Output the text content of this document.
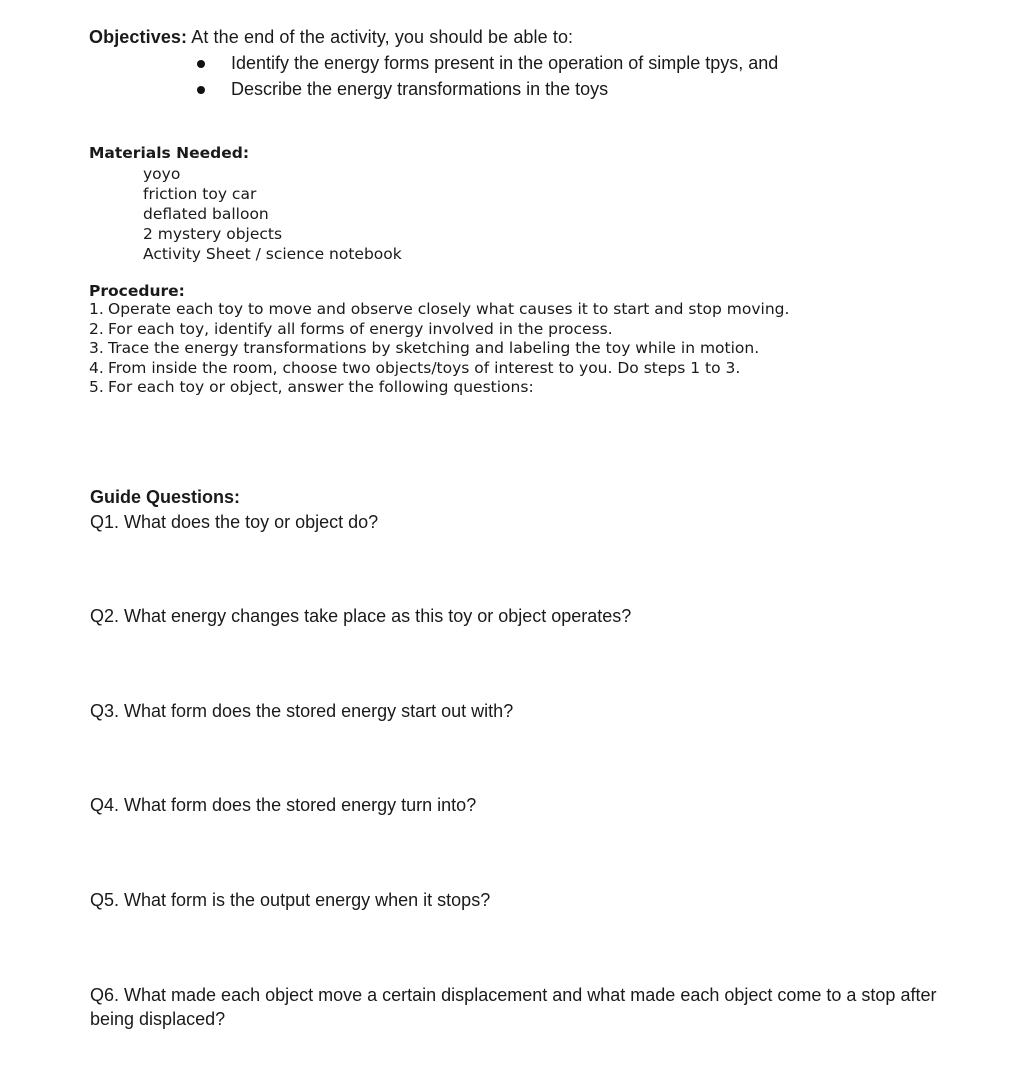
Objectives: At the end of the activity, you should be able to:
Identify the energy forms present in the operation of simple tpys, and
Describe the energy transformations in the toys
Materials Needed:
yoyo
friction toy car
deflated balloon
2 mystery objects
Activity Sheet / science notebook
Procedure:
1. Operate each toy to move and observe closely what causes it to start and stop moving.
2. For each toy, identify all forms of energy involved in the process.
3. Trace the energy transformations by sketching and labeling the toy while in motion.
4. From inside the room, choose two objects/toys of interest to you. Do steps 1 to 3.
5. For each toy or object, answer the following questions:
Guide Questions:
Q1. What does the toy or object do?
Q2. What energy changes take place as this toy or object operates?
Q3. What form does the stored energy start out with?
Q4. What form does the stored energy turn into?
Q5. What form is the output energy when it stops?
Q6. What made each object move a certain displacement and what made each object come to a stop after being displaced?
